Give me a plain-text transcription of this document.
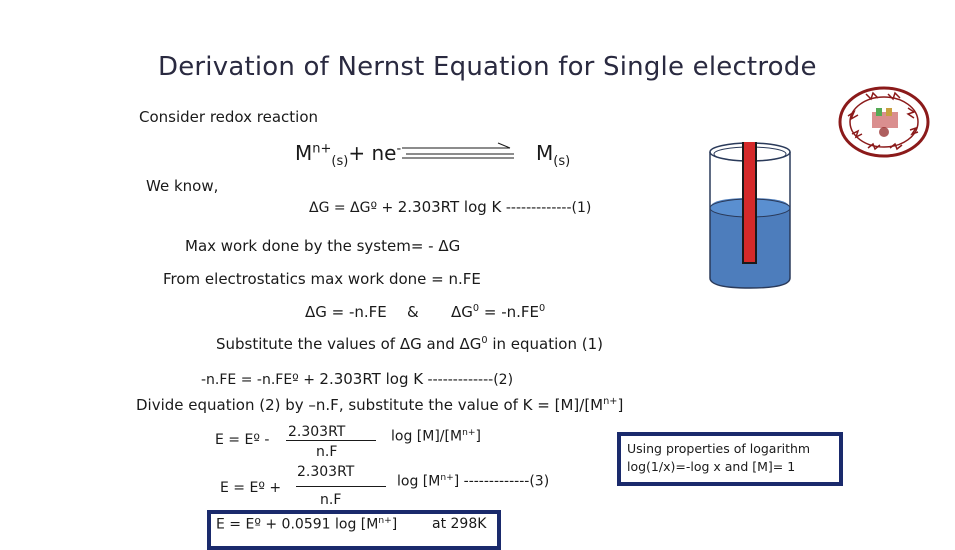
Derivation of Nernst Equation for Single electrode
Consider redox reaction
$M^{n+}_{(s)}+ ne^-$	$M_{(s)}$
We know,
ΔG = ΔGº + 2.303RT log K -------------(1)
Max work done by the system= - ΔG
From electrostatics max work done = n.FE
ΔG = -n.FE & $\Delta G^0 = -n.FE^0$
Substitute the values of ΔG and $\Delta G^0$ in equation (1)
-n.FE = -n.FEº + 2.303RT log K -------------(2)
Divide equation (2) by –n.F, substitute the value of $K = [M]/[M^{n+}]$
E = Eº - 2.303RT
n.F
$\log [M]/[M^{n+}]$
E = Eº +
2.303RT
n.F
$\log [M^{n+}]$ -------------(3)
E = Eº + 0.0591 $\log [M^{n+}]$ at 298K
Using properties of logarithm log(1/x)=-log x and [M]= 1
